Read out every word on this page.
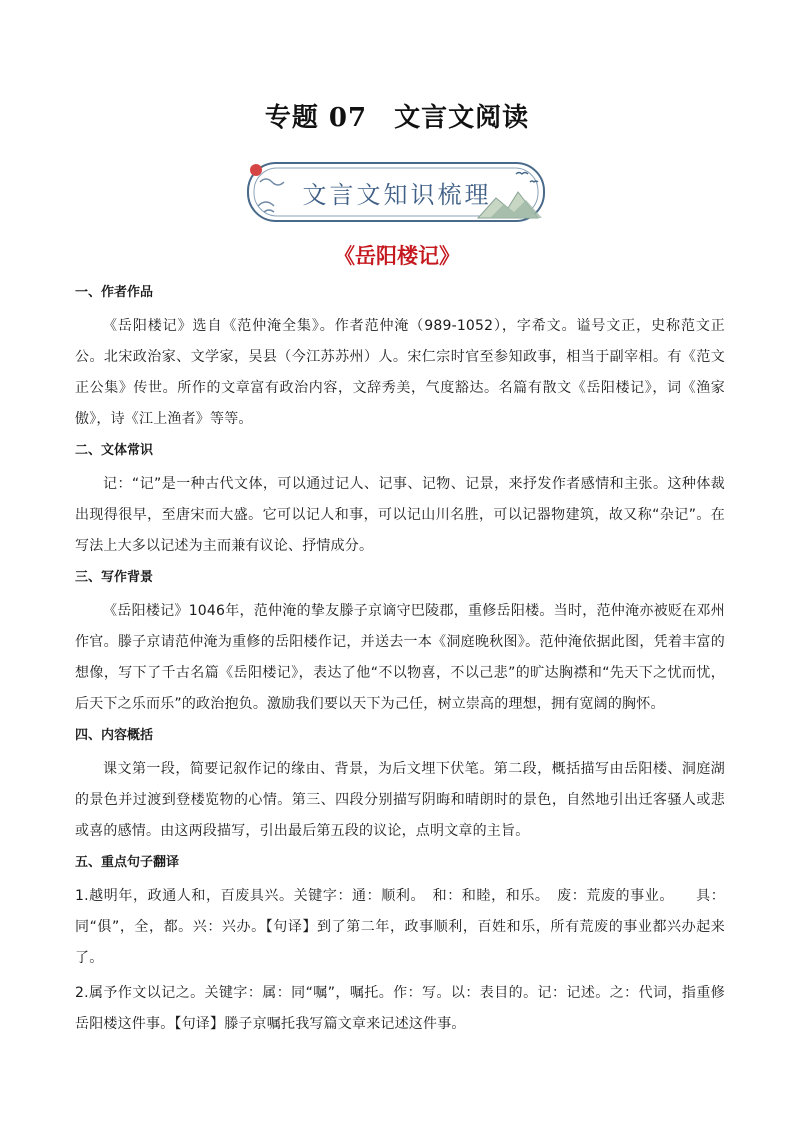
专题 07　文言文阅读
文言文知识梳理
《岳阳楼记》
一、作者作品

《岳阳楼记》选自《范仲淹全集》。作者范仲淹（989-1052），字希文。谥号文正，史称范文正公。北宋政治家、文学家，吴县（今江苏苏州）人。宋仁宗时官至参知政事，相当于副宰相。有《范文正公集》传世。所作的文章富有政治内容，文辞秀美，气度豁达。名篇有散文《岳阳楼记》，词《渔家傲》，诗《江上渔者》等等。

二、文体常识

记：“记”是一种古代文体，可以通过记人、记事、记物、记景，来抒发作者感情和主张。这种体裁出现得很早，至唐宋而大盛。它可以记人和事，可以记山川名胜，可以记器物建筑，故又称“杂记”。在写法上大多以记述为主而兼有议论、抒情成分。

三、写作背景

《岳阳楼记》1046年，范仲淹的挚友滕子京谪守巴陵郡，重修岳阳楼。当时，范仲淹亦被贬在邓州作官。滕子京请范仲淹为重修的岳阳楼作记，并送去一本《洞庭晚秋图》。范仲淹依据此图，凭着丰富的想像，写下了千古名篇《岳阳楼记》，表达了他“不以物喜，不以己悲”的旷达胸襟和“先天下之忧而忧，后天下之乐而乐”的政治抱负。激励我们要以天下为己任，树立崇高的理想，拥有宽阔的胸怀。

四、内容概括

课文第一段，简要记叙作记的缘由、背景，为后文埋下伏笔。第二段，概括描写由岳阳楼、洞庭湖的景色并过渡到登楼览物的心情。第三、四段分别描写阴晦和晴朗时的景色，自然地引出迁客骚人或悲或喜的感情。由这两段描写，引出最后第五段的议论，点明文章的主旨。

五、重点句子翻译

1.越明年，政通人和，百废具兴。关键字：通：顺利。　和：和睦，和乐。　废：荒废的事业。　　具：同“俱”，全，都。兴：兴办。【句译】到了第二年，政事顺利，百姓和乐，所有荒废的事业都兴办起来了。

2.属予作文以记之。关键字：属：同“嘱”，嘱托。作：写。以：表目的。记：记述。之：代词，指重修岳阳楼这件事。【句译】滕子京嘱托我写篇文章来记述这件事。
